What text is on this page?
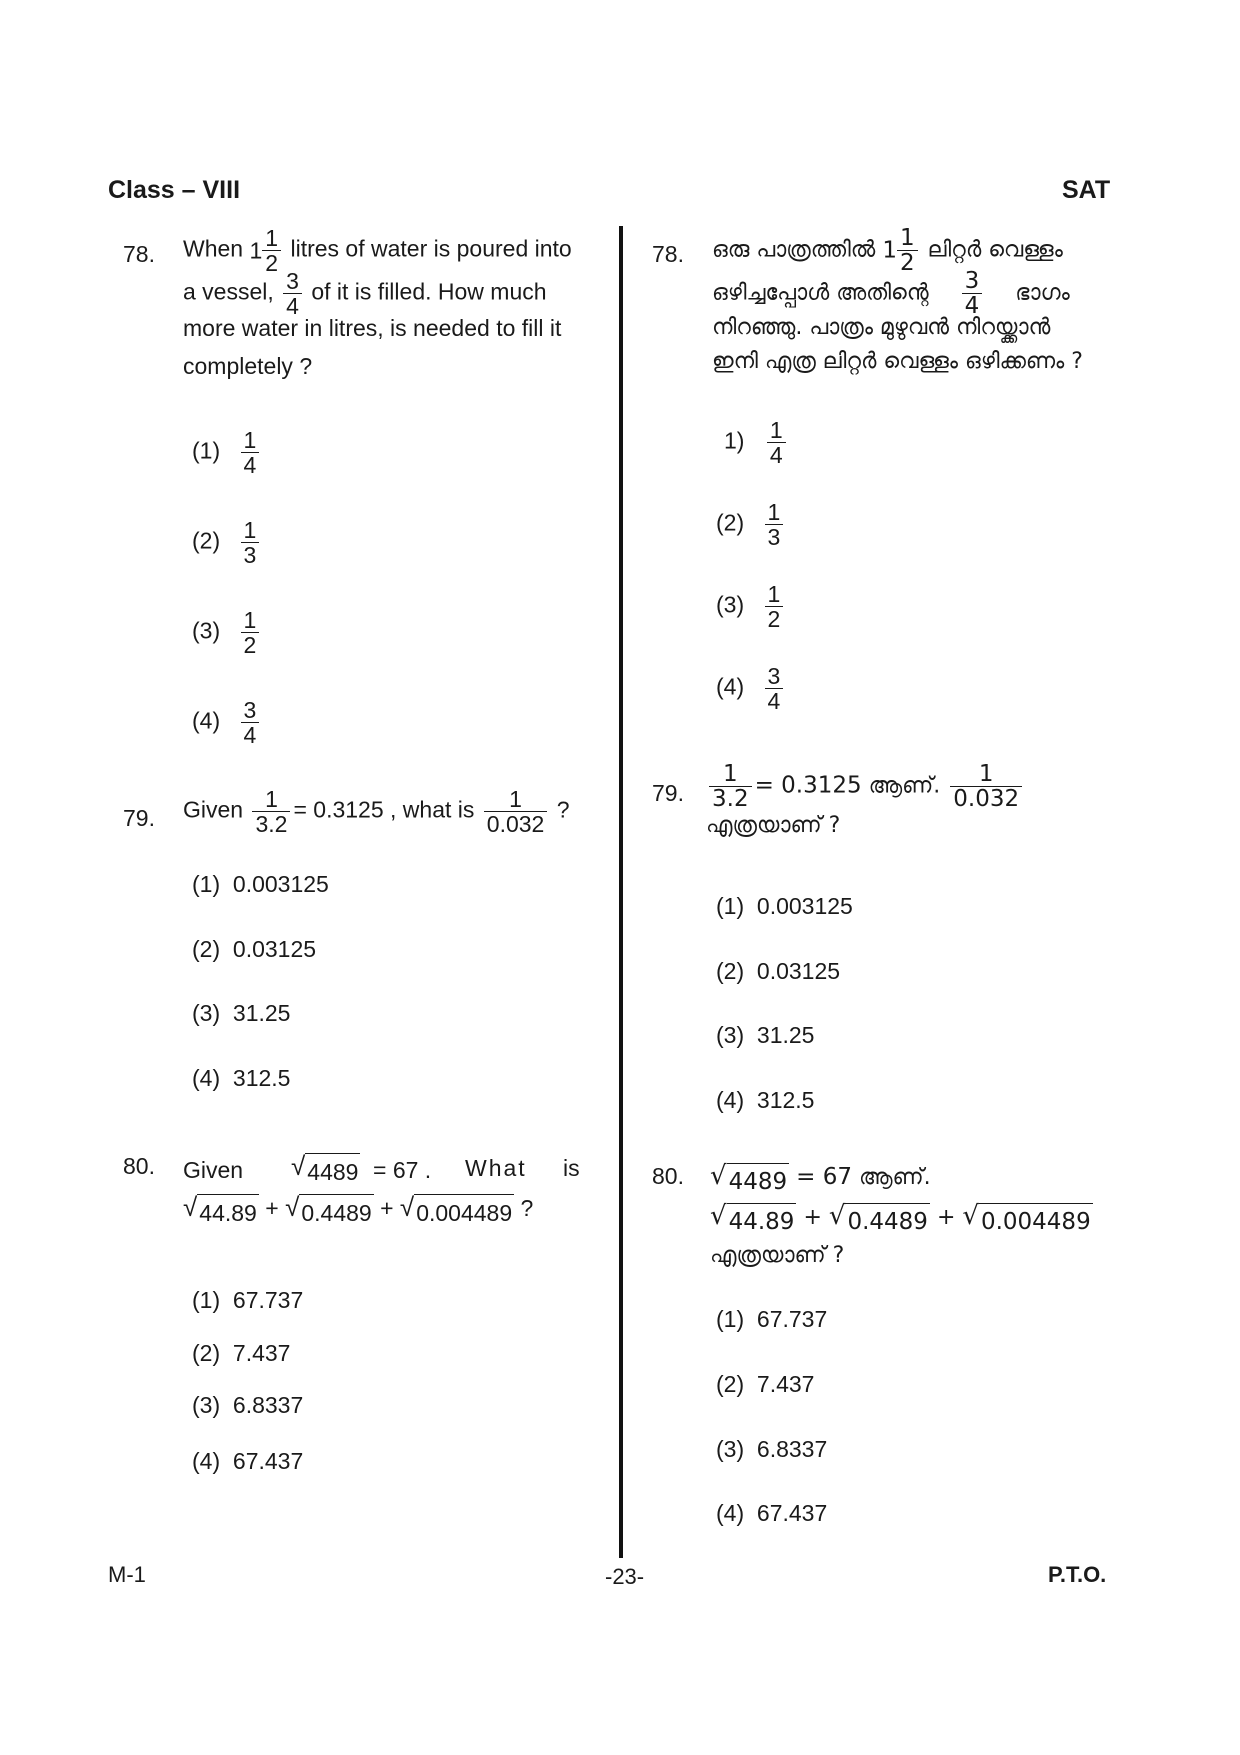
Class – VIII	SAT
78. When $1 \frac{1}{2}$ litres of water is poured into
a vessel, $\frac{3}{4}$ of it is filled. How much
more water in litres, is needed to fill it
completely ?
$(1) \frac{1}{4}$
$(2) \frac{1}{3}$
$(3) \frac{1}{2}$
$(4) \frac{3}{4}$
79. Given $\frac{1}{3.2} = 0.3125$ , what is $\frac{1}{0.032}$ ?
(1) 0.003125
(2) 0.03125
(3) 31.25
(4) 312.5
80. Given √ 4489 = 67 . What is
√ 44.89 + √ 0.4489 + √ 0.004489 ?
(1) 67.737
(2) 7.437
(3) 6.8337
(4) 67.437
78. ഒരു പാത്രത്തിൽ $1 \frac{1}{2}$ ലിറ്റർ വെള്ളം
ഒഴിച്ചപ്പോൾ അതിന്റെ $\frac{3}{4}$ ഭാഗം
നിറഞ്ഞു. പാത്രം മുഴുവൻ നിറയ്ക്കാൻ
ഇനി എത്ര ലിറ്റർ വെള്ളം ഒഴിക്കണം ?
$1) \frac{1}{4}$
$(2) \frac{1}{3}$
$(3) \frac{1}{2}$
$(4) \frac{3}{4}$
79. $\frac{1}{3.2} = 0.3125$ ആണ്. $\frac{1}{0.032}$
എത്രയാണ് ?
(1) 0.003125
(2) 0.03125
(3) 31.25
(4) 312.5
80. √ 4489 = 67 ആണ്.
√ 44.89 + √ 0.4489 + √ 0.004489
എത്രയാണ് ?
(1) 67.737
(2) 7.437
(3) 6.8337
(4) 67.437
M-1	-23-	P.T.O.
